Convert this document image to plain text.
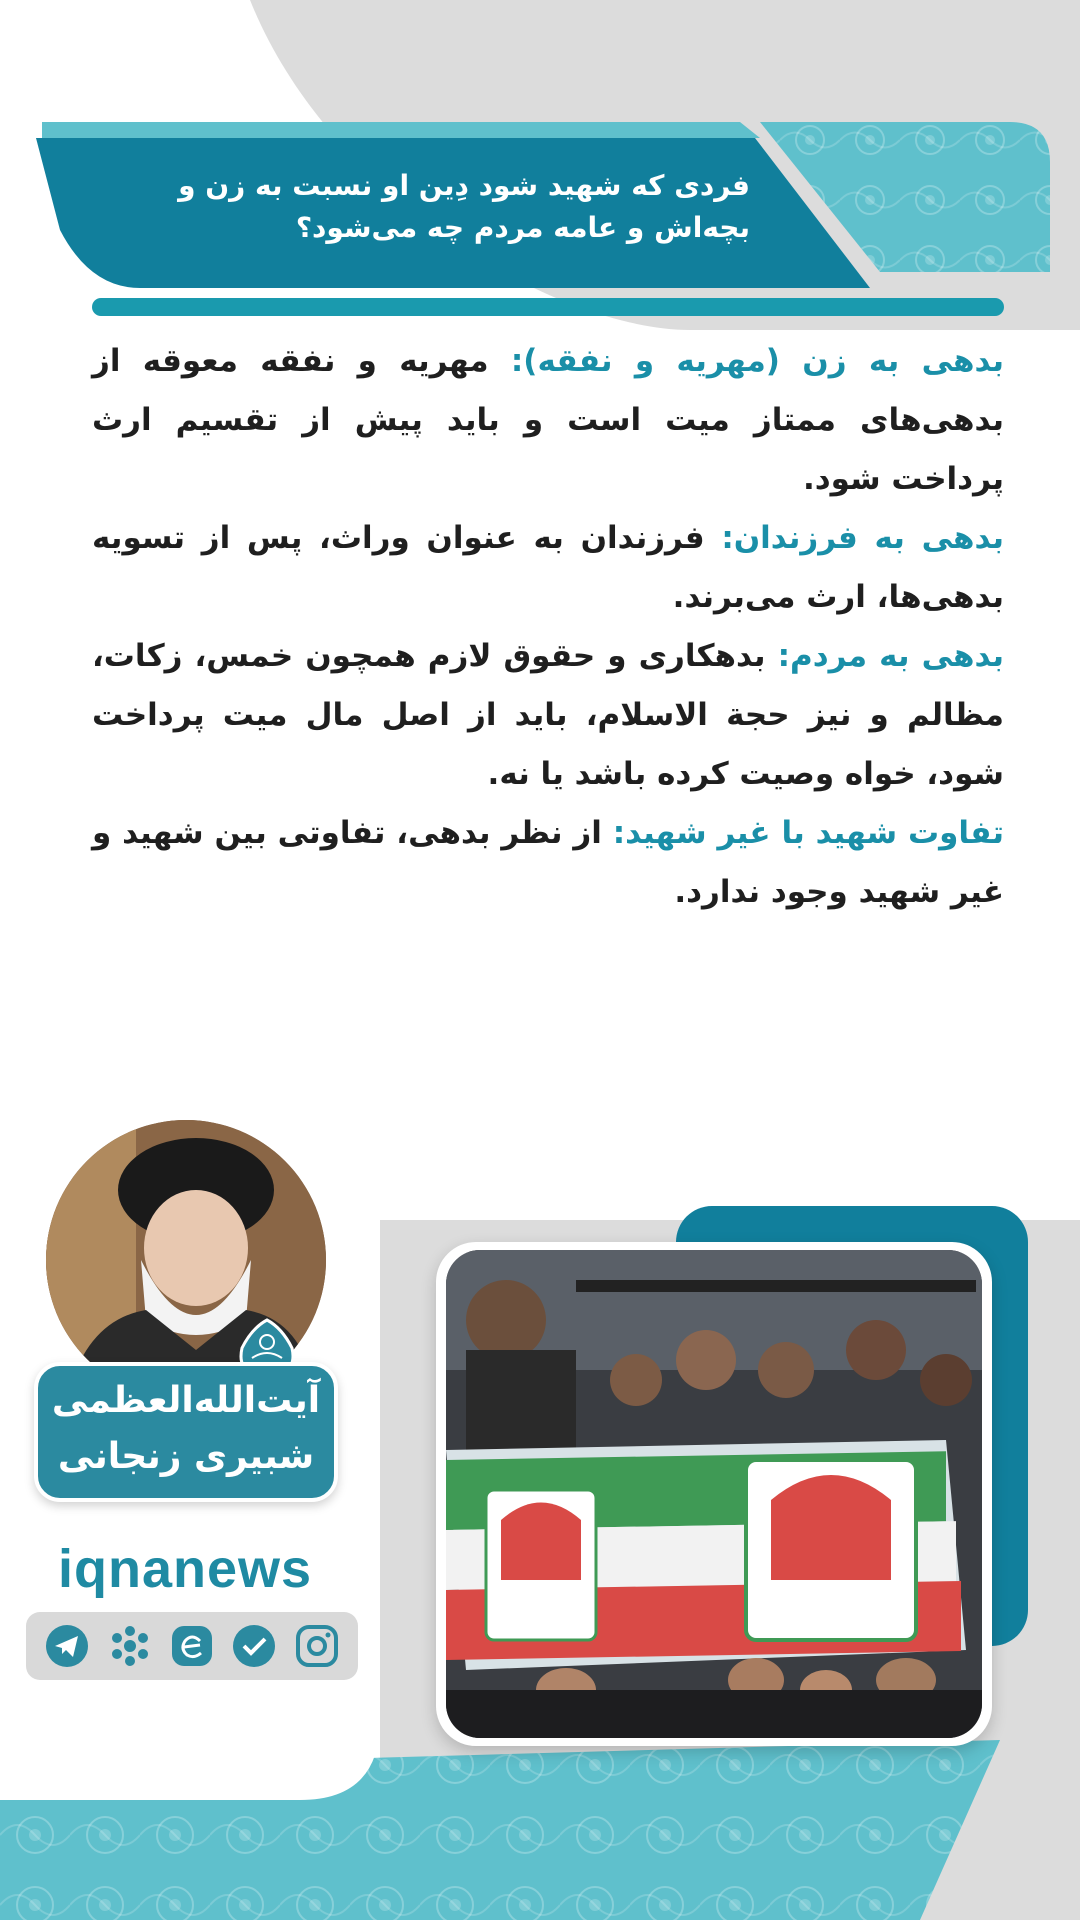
فردی که شهید شود دِین او نسبت به زن و بچه‌اش و عامه مردم چه می‌شود؟

بدهی به زن (مهریه و نفقه): مهریه و نفقه معوقه از بدهی‌های ممتاز میت است و باید پیش از تقسیم ارث پرداخت شود.

بدهی به فرزندان: فرزندان به عنوان وراث، پس از تسویه بدهی‌ها، ارث می‌برند.

بدهی به مردم: بدهکاری و حقوق لازم همچون خمس، زکات، مظالم و نیز حجة الاسلام، باید از اصل مال میت پرداخت شود، خواه وصیت کرده باشد یا نه.

تفاوت شهید با غیر شهید: از نظر بدهی، تفاوتی بین شهید و غیر شهید وجود ندارد.

آیت‌الله‌العظمی
شبیری زنجانی
iqnanews
